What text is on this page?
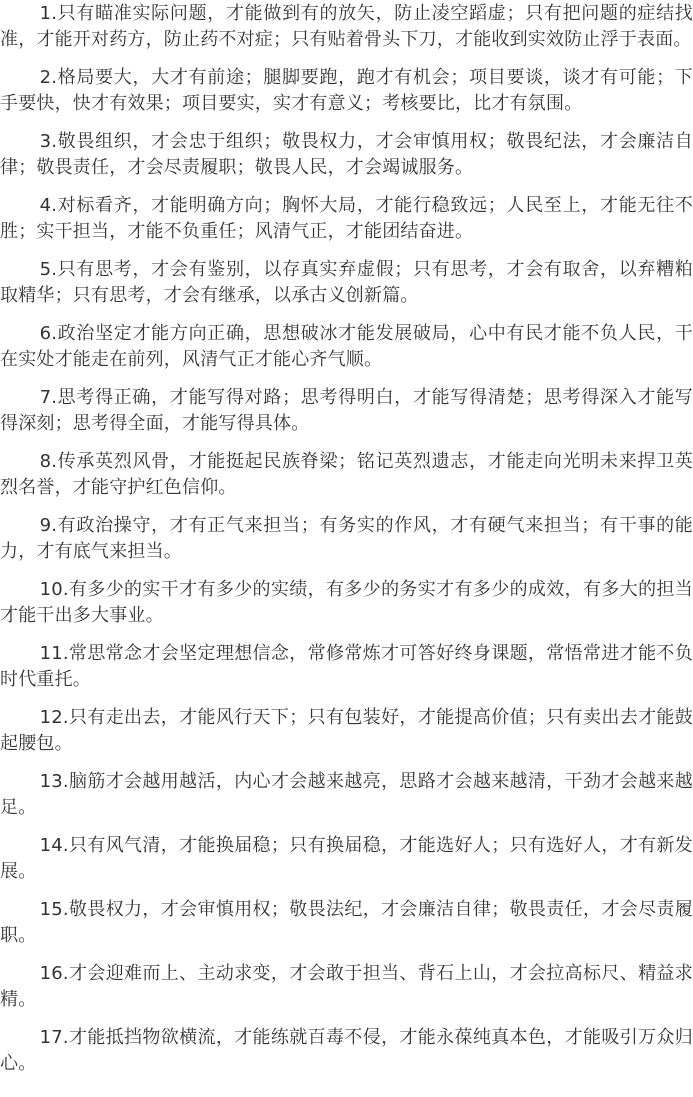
1.只有瞄准实际问题，才能做到有的放矢，防止凌空蹈虚；只有把问题的症结找准，才能开对药方，防止药不对症；只有贴着骨头下刀，才能收到实效防止浮于表面。

2.格局要大，大才有前途；腿脚要跑，跑才有机会；项目要谈，谈才有可能；下手要快，快才有效果；项目要实，实才有意义；考核要比，比才有氛围。

3.敬畏组织，才会忠于组织；敬畏权力，才会审慎用权；敬畏纪法，才会廉洁自律；敬畏责任，才会尽责履职；敬畏人民，才会竭诚服务。

4.对标看齐，才能明确方向；胸怀大局，才能行稳致远；人民至上，才能无往不胜；实干担当，才能不负重任；风清气正，才能团结奋进。

5.只有思考，才会有鉴别，以存真实弃虚假；只有思考，才会有取舍，以弃糟粕取精华；只有思考，才会有继承，以承古义创新篇。

6.政治坚定才能方向正确，思想破冰才能发展破局，心中有民才能不负人民，干在实处才能走在前列，风清气正才能心齐气顺。

7.思考得正确，才能写得对路；思考得明白，才能写得清楚；思考得深入才能写得深刻；思考得全面，才能写得具体。

8.传承英烈风骨，才能挺起民族脊梁；铭记英烈遗志，才能走向光明未来捍卫英烈名誉，才能守护红色信仰。

9.有政治操守，才有正气来担当；有务实的作风，才有硬气来担当；有干事的能力，才有底气来担当。

10.有多少的实干才有多少的实绩，有多少的务实才有多少的成效，有多大的担当才能干出多大事业。

11.常思常念才会坚定理想信念，常修常炼才可答好终身课题，常悟常进才能不负时代重托。

12.只有走出去，才能风行天下；只有包装好，才能提高价值；只有卖出去才能鼓起腰包。

13.脑筋才会越用越活，内心才会越来越亮，思路才会越来越清，干劲才会越来越足。

14.只有风气清，才能换届稳；只有换届稳，才能选好人；只有选好人，才有新发展。

15.敬畏权力，才会审慎用权；敬畏法纪，才会廉洁自律；敬畏责任，才会尽责履职。

16.才会迎难而上、主动求变，才会敢于担当、背石上山，才会拉高标尺、精益求精。

17.才能抵挡物欲横流，才能练就百毒不侵，才能永葆纯真本色，才能吸引万众归心。
